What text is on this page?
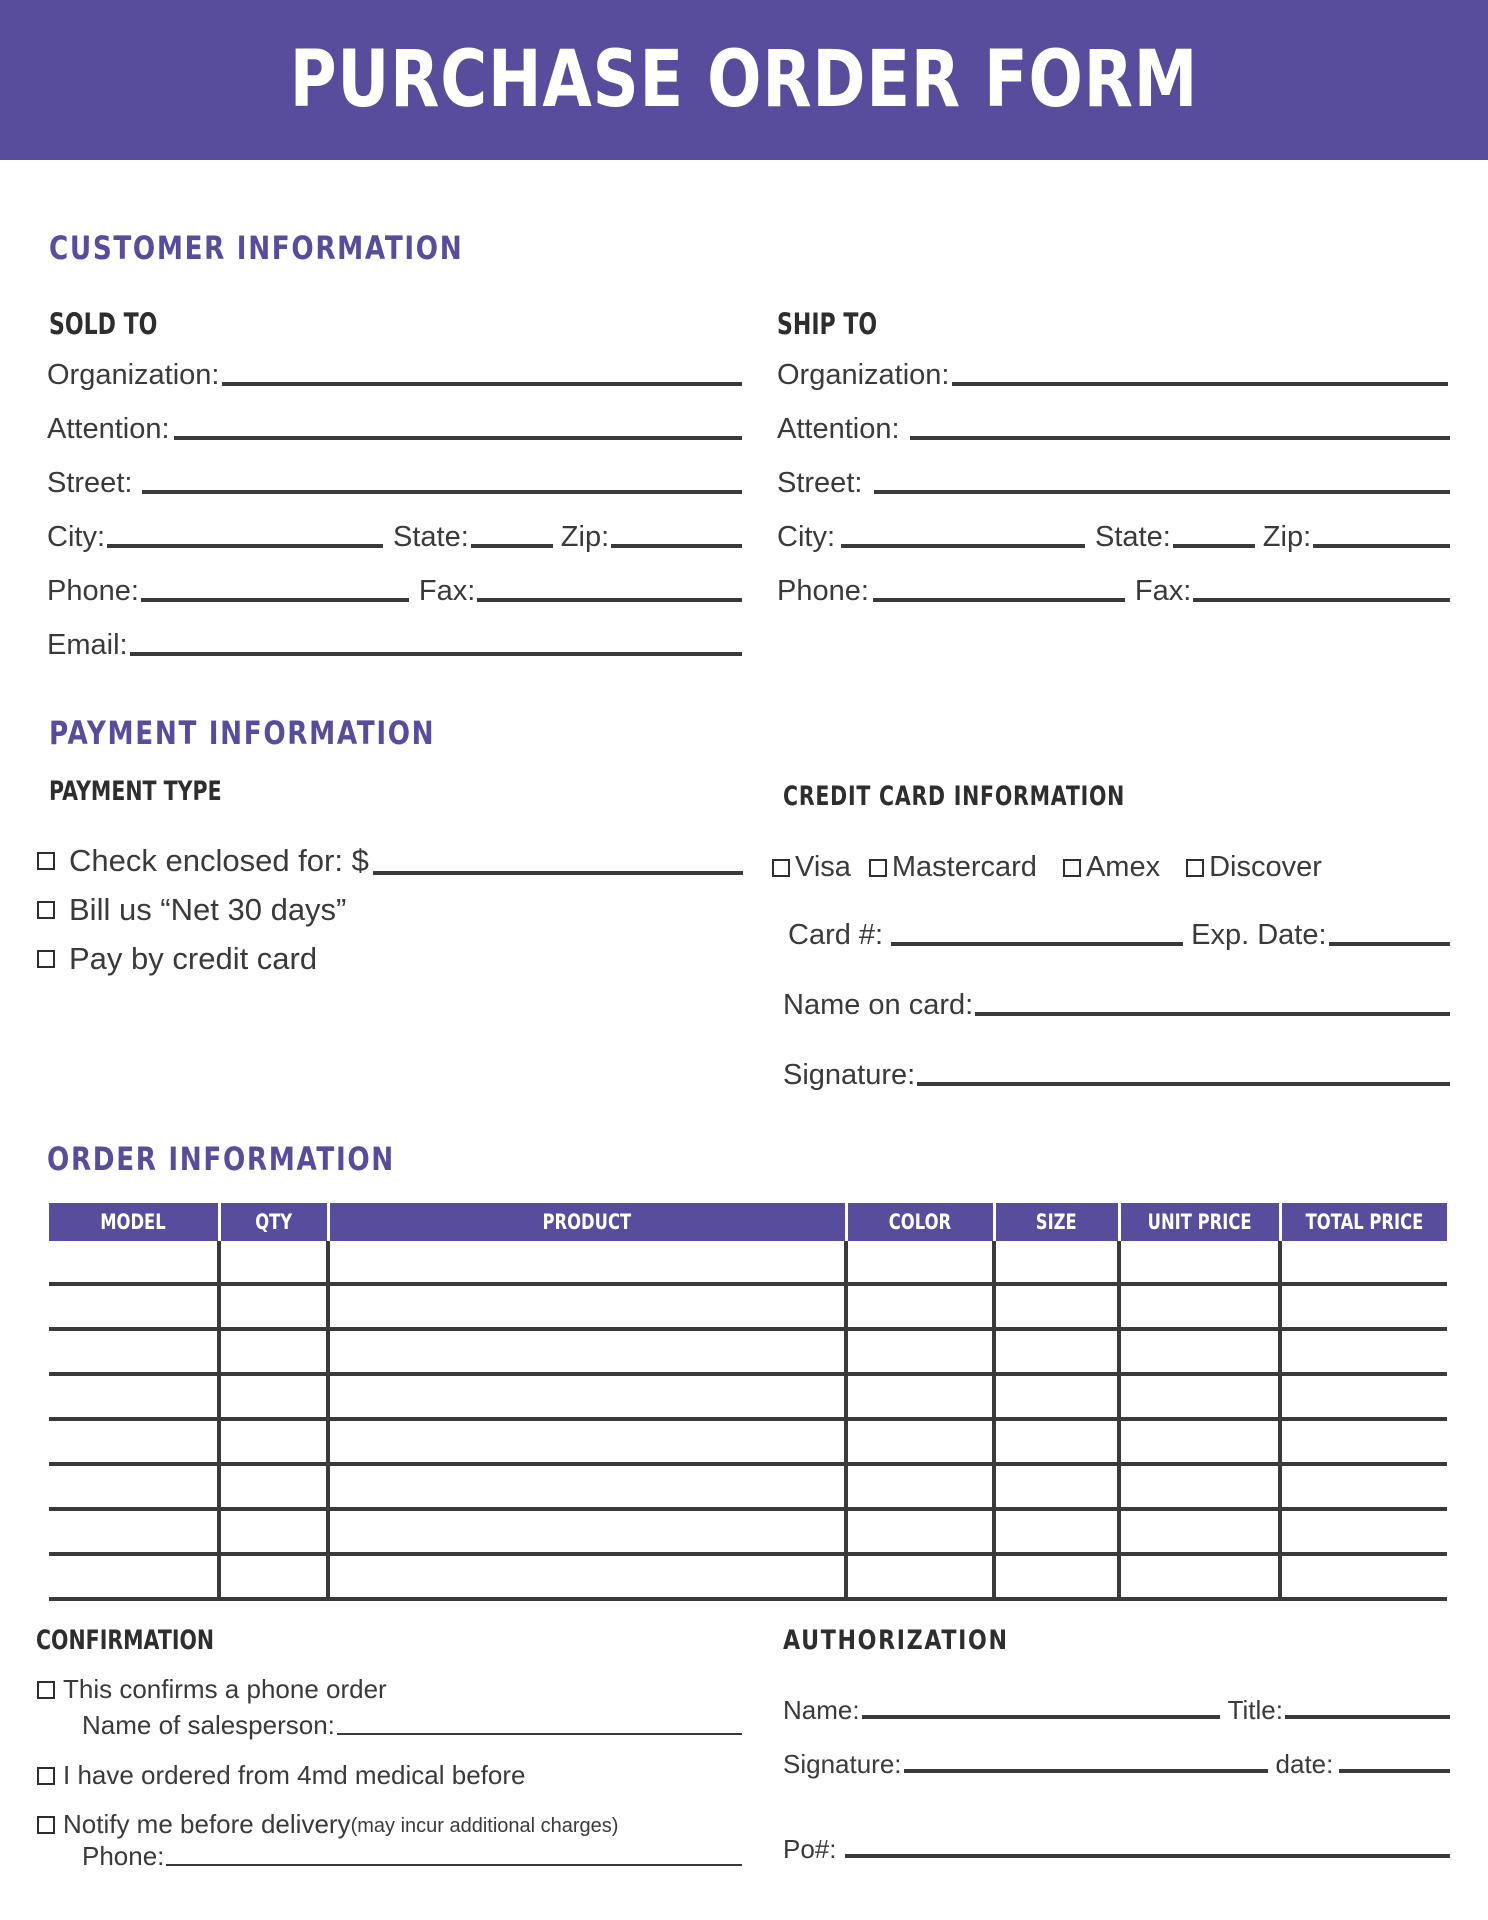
PURCHASE ORDER FORM
CUSTOMER INFORMATION
SOLD TO
Organization:
Attention:
Street:
City:	State:	Zip:
Phone:	Fax:
Email:
SHIP TO
Organization:
Attention:
Street:
City:	State:	Zip:
Phone:	Fax:
PAYMENT INFORMATION
PAYMENT TYPE
Check enclosed for: $
Bill us “Net 30 days”
Pay by credit card
CREDIT CARD INFORMATION
Visa Mastercard Amex Discover
Card #:	Exp. Date:
Name on card:
Signature:
ORDER INFORMATION
MODEL	QTY	PRODUCT	COLOR	SIZE	UNIT PRICE	TOTAL PRICE

CONFIRMATION
This confirms a phone order
Name of salesperson:
I have ordered from 4md medical before
Notify me before delivery (may incur additional charges)
Phone:
AUTHORIZATION
Name:	Title:
Signature:	date:
Po#:
